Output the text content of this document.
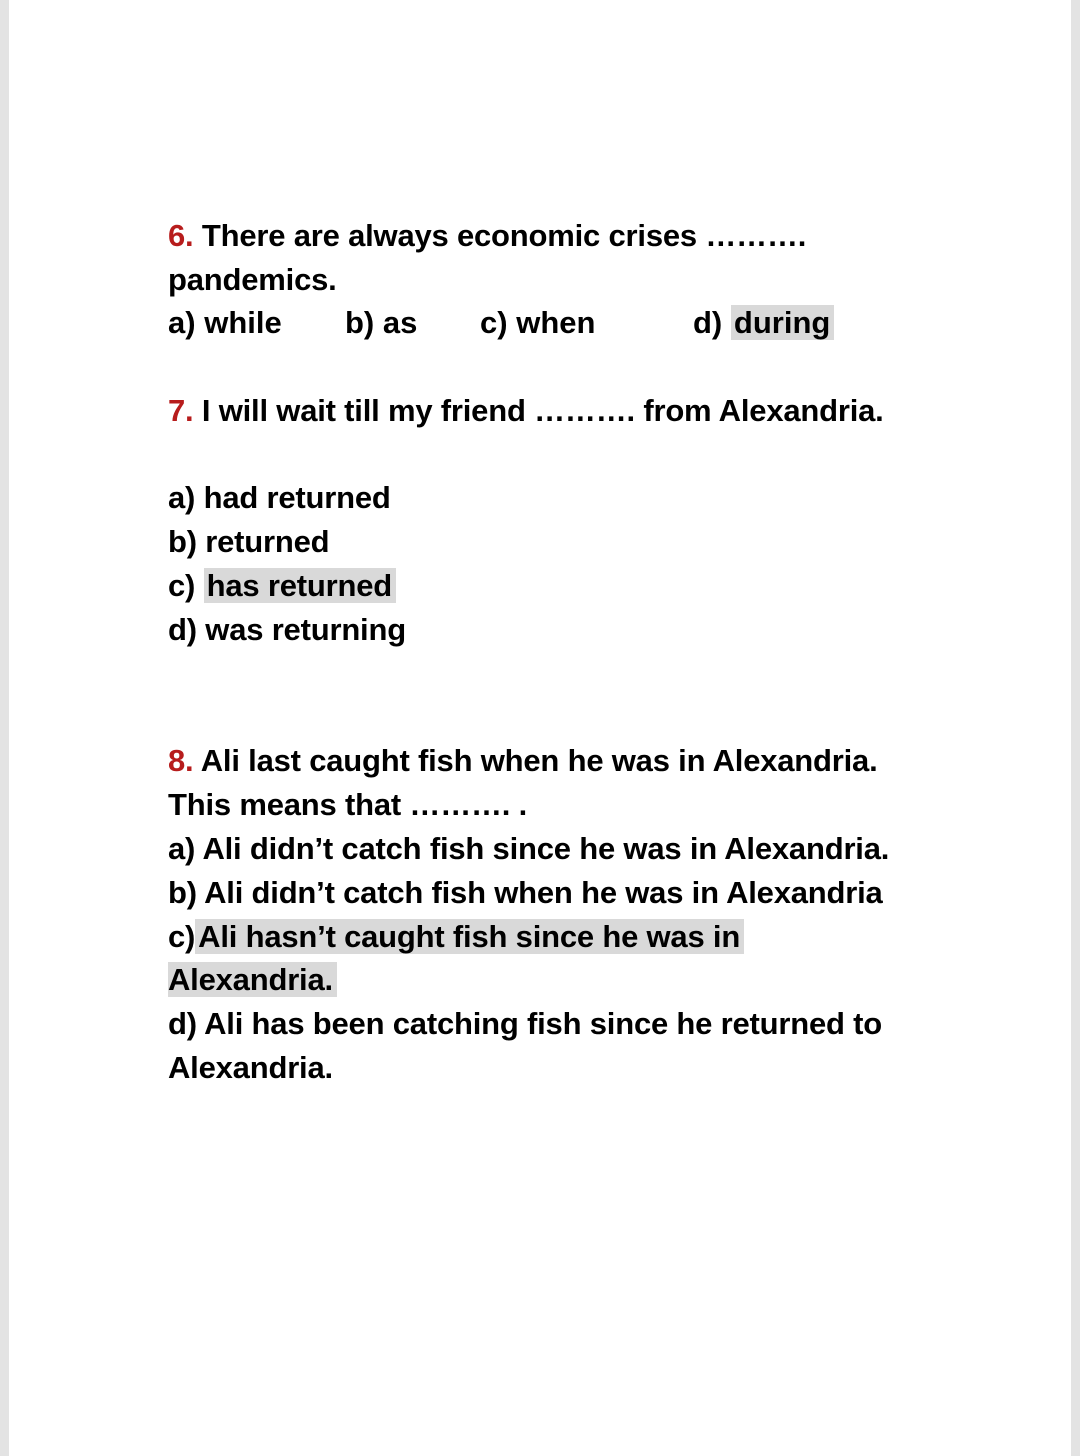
6. There are always economic crises ……….
pandemics.
a) while b) as c) when	d) during
7. I will wait till my friend ………. from Alexandria.
a) had returned
b) returned
c) has returned
d) was returning
8. Ali last caught fish when he was in Alexandria.
This means that ………. .
a) Ali didn’t catch fish since he was in Alexandria.
b) Ali didn’t catch fish when he was in Alexandria
c)Ali hasn’t caught fish since he was in
Alexandria.
d) Ali has been catching fish since he returned to
Alexandria.
